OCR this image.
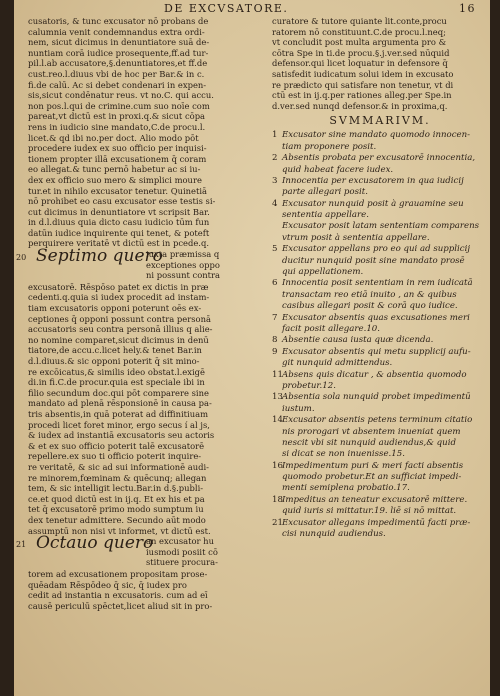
DE EXCVSATORE.	16
cusatoris, & tunc excusator nō probans de
calumnia venit condemnandus extra ordi-
nem, sicut dicimus in denuntiatore suā de-
nuntiam corā iudice prosequente,ff.ad tur-
pil.l.ab accusatore,§.denuntiatores,et ff.de
cust.reo.l.diuus vbi de hoc per Bar.& in c.
fi.de calū. Ac si debet condenari in expen-
sis,sicut condēnatur reus. vt no.C. qui accu.
non pos.l.qui de crimine.cum suo noīe com
pareat,vt dictū est in proxi.q.& sicut cōpa
rens in iudicio sine mandato,C.de procu.l.
licet.& qd ibi no.per doct. Alio modo pōt
procedere iudex ex suo officio per inquisi-
tionem propter illā excusationem q̄ coram
eo allegat.& tunc pernō habetur ac si iu-
dex ex officio suo mero & simplici moure
tur.et in nihilo excusator tenetur. Quinetiā
nō prohibet eo casu excusator esse testis si-
cut dicimus in denuntiatore vt scripsit Bar.
in d.l.diuus quia dicto casu iudicio tūm fun
datūn iudice inquirente qui tenet, & poteft
perquirere veritatē vt dictū est in pcede.q.
20 Septimo quero
iuxta præmissa q
exceptiones oppo
ni possunt contra
excusatorē. Rēspōso patet ex dictis in præ
cedenti.q.quia si iudex procedit ad instam-
tiam excusatoris opponi poterunt oēs ex-
ceptiones q̄ opponi possunt contra personā
accusatoris seu contra personā illius q alie-
no nomine comparet,sicut dicimus in denū
tiatore,de accu.c.licet hely.& tenet Bar.in
d.l.diuus.& sic opponi poterit q̄ sit mino-
re excōicatus,& similis ideo obstat.l.exigē
di.in fi.C.de procur.quia est speciale ibi in
filio secundum doc.qui pōt comparere sine
mandato ad plenā rēsponsionē in causa pa-
tris absentis,in quā poterat ad diffinitiuam
procedi licet foret minor, ergo secus í al js,
& iudex ad instantiā excusatoris seu actoris
& et ex suo officio poterit talē excusatorē
repellere.ex suo ti officio poterit inquire-
re veritatē, & sic ad sui informationē audi-
re minorem,fœminam & quēcunq; allegan
tem, & sic intelligit lectu.Bar.in d.§.publi-
ce.et quod dictū est in ij.q. Et ex his et pa
tet q̄ excusatorē primo modo sumptum iu
dex tenetur admittere. Secundo aūt modo
assumptū non nisi vt informet, vt dictū est.
21 Octauo quero
an excusator hu
iusmodi posiit cō
stituere procura-
torem ad excusationem propositam prose-
quēadam Rēspōdeo q̄ sic, q̄ iudex pro
cedit ad instantia n excusatoris. cum ad eī
causē periculū spēctet,licet aliud sit in pro-
curatore & tutore quiante lit.conte,procu
ratorem nō constituunt.C.de procu.l.neq;
vt concludit post multa argumenta pro &
cōtra Spe in ti.de procu.§.j.ver.sed nūquid
defensor.qui licet loquatur in defensore q̄
satisfedit iudicatum solui idem in excusato
re prædicto qui satisfare non tenetur, vt di
ctū est in ij.q.per rationes alleg.per Spe.in
d.ver.sed nunqd defensor.& in proxima,q.
SVMMARIVM.
1 Excusator sine mandato quomodo innocen-
tiam proponere posit.
2 Absentis probata per excusatorē innocentia,
quid habeat facere iudex.
3 Innocentia per excusatorem in qua iudicij
parte allegari posit.
4 Excusator nunquid posit à grauamine seu
sententia appellare.
Excusator posit latam sententiam comparens
vtrum posit à sententia appellare.
5 Excusator appellans pro eo qui ad supplicij
ducitur nunquid posit sine mandato prosē
qui appellationem.
6 Innocentia posit sententiam in rem iudicatā
transactam reo etiā inuito , an & quibus
casibus allegari posit & corā quo iudice.
7 Excusator absentis quas excusationes meri
facit posit allegare.10.
8 Absentie causa iusta quæ dicenda.
9 Excusator absentis qui metu supplicij aufu-
git nunquid admittendus.
11Absens quis dicatur , & absentia quomodo
probetur.12.
13Absentia sola nunquid probet impedimentū
iustum.
14Excusator absentis petens terminum citatio
nis prorogari vt absentem inueniat quem
nescit vbi sit nunquid audiendus,& quid
si dicat se non inuenisse.15.
16Impedimentum puri & meri facti absentis
quomodo probetur.Et an sufficiat impedi-
menti semiplena probatio.17.
18Impeditus an teneatur excusatorē mittere.
quid iuris si mittatur.19. liē si nō mittat.
21Excusator allegans impedimentū facti præ-
cisi nunquid audiendus.
